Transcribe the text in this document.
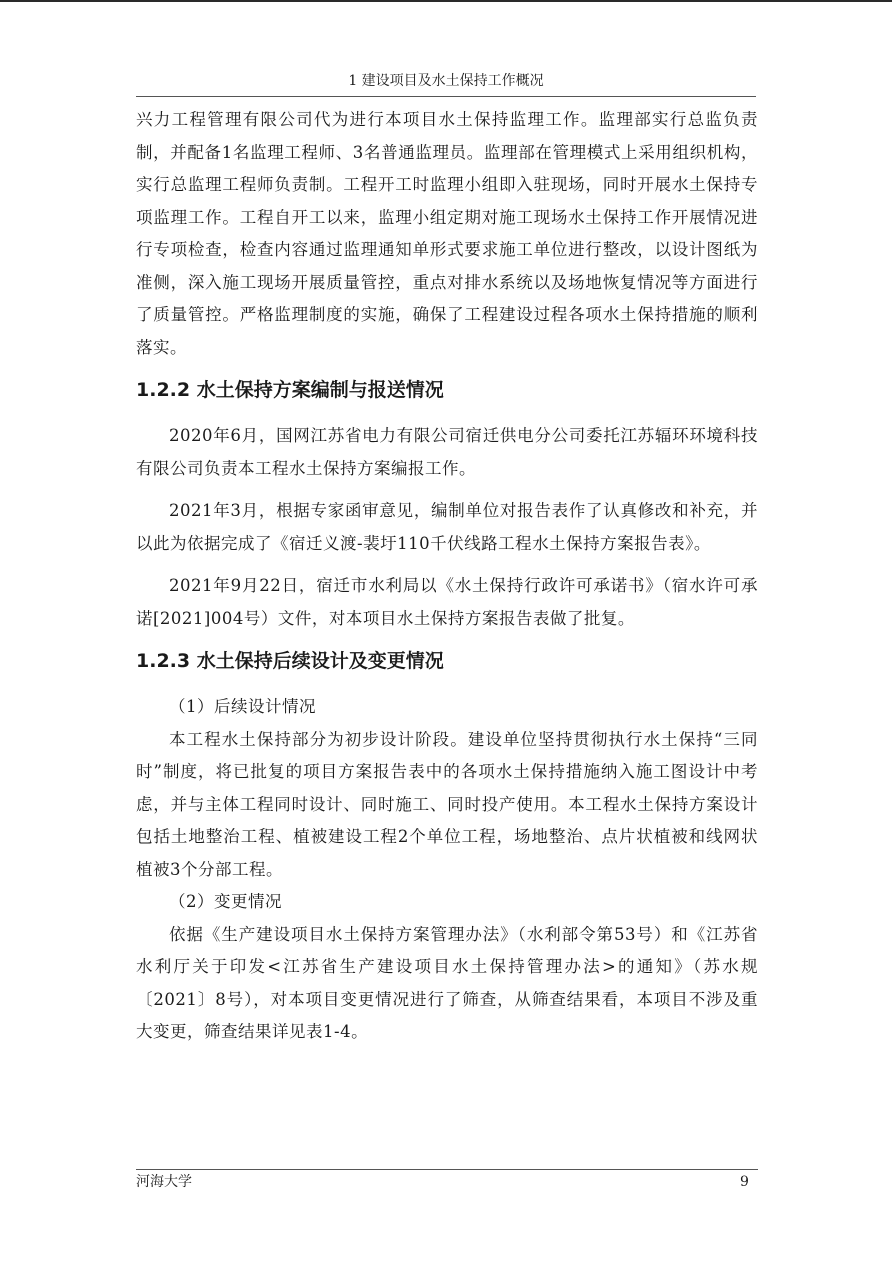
1 建设项目及水土保持工作概况

兴力工程管理有限公司代为进行本项目水土保持监理工作。监理部实行总监负责制，并配备1名监理工程师、3名普通监理员。监理部在管理模式上采用组织机构，实行总监理工程师负责制。工程开工时监理小组即入驻现场，同时开展水土保持专项监理工作。工程自开工以来，监理小组定期对施工现场水土保持工作开展情况进行专项检查，检查内容通过监理通知单形式要求施工单位进行整改，以设计图纸为准侧，深入施工现场开展质量管控，重点对排水系统以及场地恢复情况等方面进行了质量管控。严格监理制度的实施，确保了工程建设过程各项水土保持措施的顺利落实。

1.2.2 水土保持方案编制与报送情况

2020年6月，国网江苏省电力有限公司宿迁供电分公司委托江苏辐环环境科技有限公司负责本工程水土保持方案编报工作。

2021年3月，根据专家函审意见，编制单位对报告表作了认真修改和补充，并以此为依据完成了《宿迁义渡-裴圩110千伏线路工程水土保持方案报告表》。

2021年9月22日，宿迁市水利局以《水土保持行政许可承诺书》（宿水许可承诺[2021]004号）文件，对本项目水土保持方案报告表做了批复。

1.2.3 水土保持后续设计及变更情况

（1）后续设计情况

本工程水土保持部分为初步设计阶段。建设单位坚持贯彻执行水土保持“三同时”制度，将已批复的项目方案报告表中的各项水土保持措施纳入施工图设计中考虑，并与主体工程同时设计、同时施工、同时投产使用。本工程水土保持方案设计包括土地整治工程、植被建设工程2个单位工程，场地整治、点片状植被和线网状植被3个分部工程。

（2）变更情况

依据《生产建设项目水土保持方案管理办法》（水利部令第53号）和《江苏省水利厅关于印发<江苏省生产建设项目水土保持管理办法>的通知》（苏水规〔2021〕8号），对本项目变更情况进行了筛查，从筛查结果看，本项目不涉及重大变更，筛查结果详见表1-4。

河海大学	9
